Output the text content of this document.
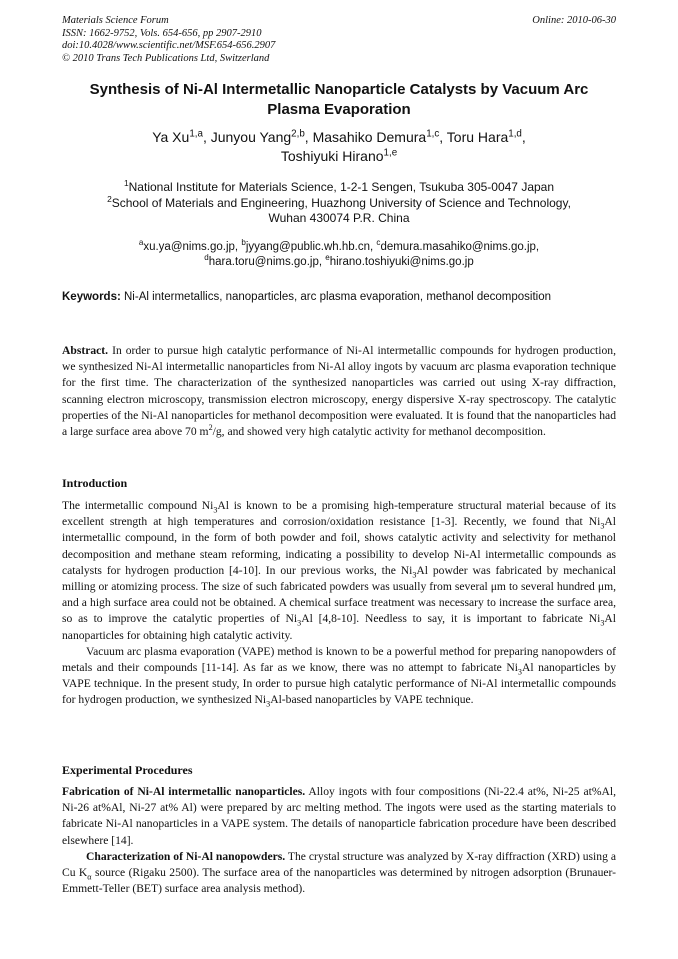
Materials Science Forum
ISSN: 1662-9752, Vols. 654-656, pp 2907-2910
doi:10.4028/www.scientific.net/MSF.654-656.2907
© 2010 Trans Tech Publications Ltd, Switzerland
Online: 2010-06-30
Synthesis of Ni-Al Intermetallic Nanoparticle Catalysts by Vacuum Arc
Plasma Evaporation
Ya Xu$^{1,a}$, Junyou Yang$^{2,b}$, Masahiko Demura$^{1,c}$, Toru Hara$^{1,d}$,
Toshiyuki Hirano$^{1,e}$
$^1$National Institute for Materials Science, 1-2-1 Sengen, Tsukuba 305-0047 Japan
$^2$School of Materials and Engineering, Huazhong University of Science and Technology,
Wuhan 430074 P.R. China
$^a$xu.ya@nims.go.jp, $^b$jyyang@public.wh.hb.cn, $^c$demura.masahiko@nims.go.jp,
$^d$hara.toru@nims.go.jp, $^e$hirano.toshiyuki@nims.go.jp
Keywords: Ni-Al intermetallics, nanoparticles, arc plasma evaporation, methanol decomposition

Abstract. In order to pursue high catalytic performance of Ni-Al intermetallic compounds for hydrogen production, we synthesized Ni-Al intermetallic nanoparticles from Ni-Al alloy ingots by vacuum arc plasma evaporation technique for the first time. The characterization of the synthesized nanoparticles was carried out using X-ray diffraction, scanning electron microscopy, transmission electron microscopy, energy dispersive X-ray spectroscopy. The catalytic properties of the Ni-Al nanoparticles for methanol decomposition were evaluated. It is found that the nanoparticles had a large surface area above 70 $m^2/g$, and showed very high catalytic activity for methanol decomposition.

Introduction

The intermetallic compound $Ni_3Al$ is known to be a promising high-temperature structural material because of its excellent strength at high temperatures and corrosion/oxidation resistance [1-3]. Recently, we found that $Ni_3Al$ intermetallic compound, in the form of both powder and foil, shows catalytic activity and selectivity for methanol decomposition and methane steam reforming, indicating a possibility to develop Ni-Al intermetallic compounds as catalysts for hydrogen production [4-10]. In our previous works, the $Ni_3Al$ powder was fabricated by mechanical milling or atomizing process. The size of such fabricated powders was usually from several μm to several hundred μm, and a high surface area could not be obtained. A chemical surface treatment was necessary to increase the surface area, so as to improve the catalytic properties of $Ni_3Al$ [4,8-10]. Needless to say, it is important to fabricate $Ni_3Al$ nanoparticles for obtaining high catalytic activity.

Vacuum arc plasma evaporation (VAPE) method is known to be a powerful method for preparing nanopowders of metals and their compounds [11-14]. As far as we know, there was no attempt to fabricate $Ni_3Al$ nanoparticles by VAPE technique. In the present study, In order to pursue high catalytic performance of Ni-Al intermetallic compounds for hydrogen production, we synthesized $Ni_3Al$-based nanoparticles by VAPE technique.

Experimental Procedures

Fabrication of Ni-Al intermetallic nanoparticles. Alloy ingots with four compositions (Ni-22.4 at%, Ni-25 at%Al, Ni-26 at%Al, Ni-27 at% Al) were prepared by arc melting method. The ingots were used as the starting materials to fabricate Ni-Al nanoparticles in a VAPE system. The details of nanoparticle fabrication procedure have been described elsewhere [14].

Characterization of Ni-Al nanopowders. The crystal structure was analyzed by X-ray diffraction (XRD) using a Cu $K_\alpha$ source (Rigaku 2500). The surface area of the nanoparticles was determined by nitrogen adsorption (Brunauer-Emmett-Teller (BET) surface area analysis method).
